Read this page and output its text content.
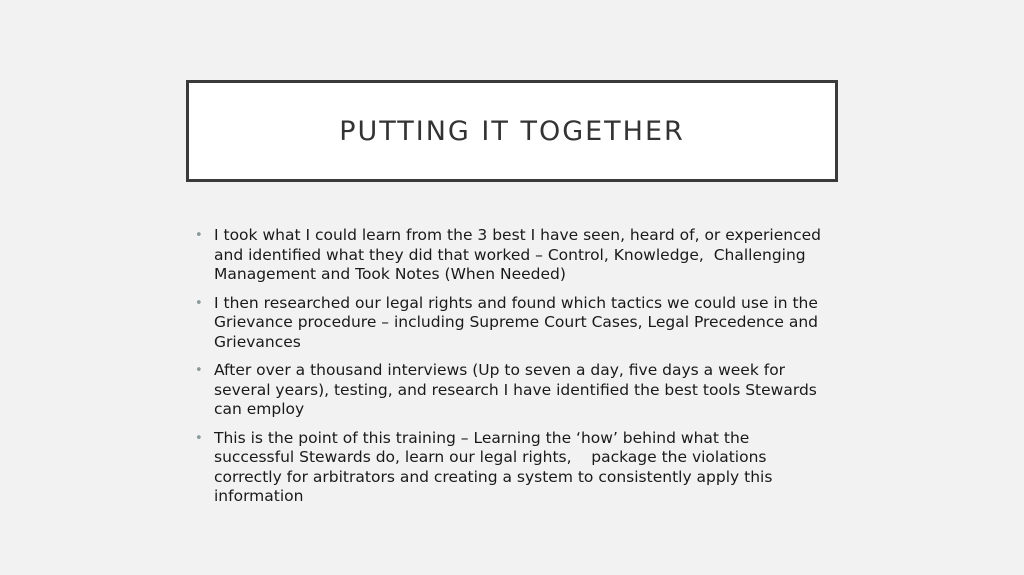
PUTTING IT TOGETHER
• I took what I could learn from the 3 best I have seen, heard of, or experienced and identified what they did that worked – Control, Knowledge,  Challenging Management and Took Notes (When Needed)
• I then researched our legal rights and found which tactics we could use in the Grievance procedure – including Supreme Court Cases, Legal Precedence and Grievances
• After over a thousand interviews (Up to seven a day, five days a week for several years), testing, and research I have identified the best tools Stewards can employ
• This is the point of this training – Learning the ‘how’ behind what the successful Stewards do, learn our legal rights,    package the violations correctly for arbitrators and creating a system to consistently apply this information
